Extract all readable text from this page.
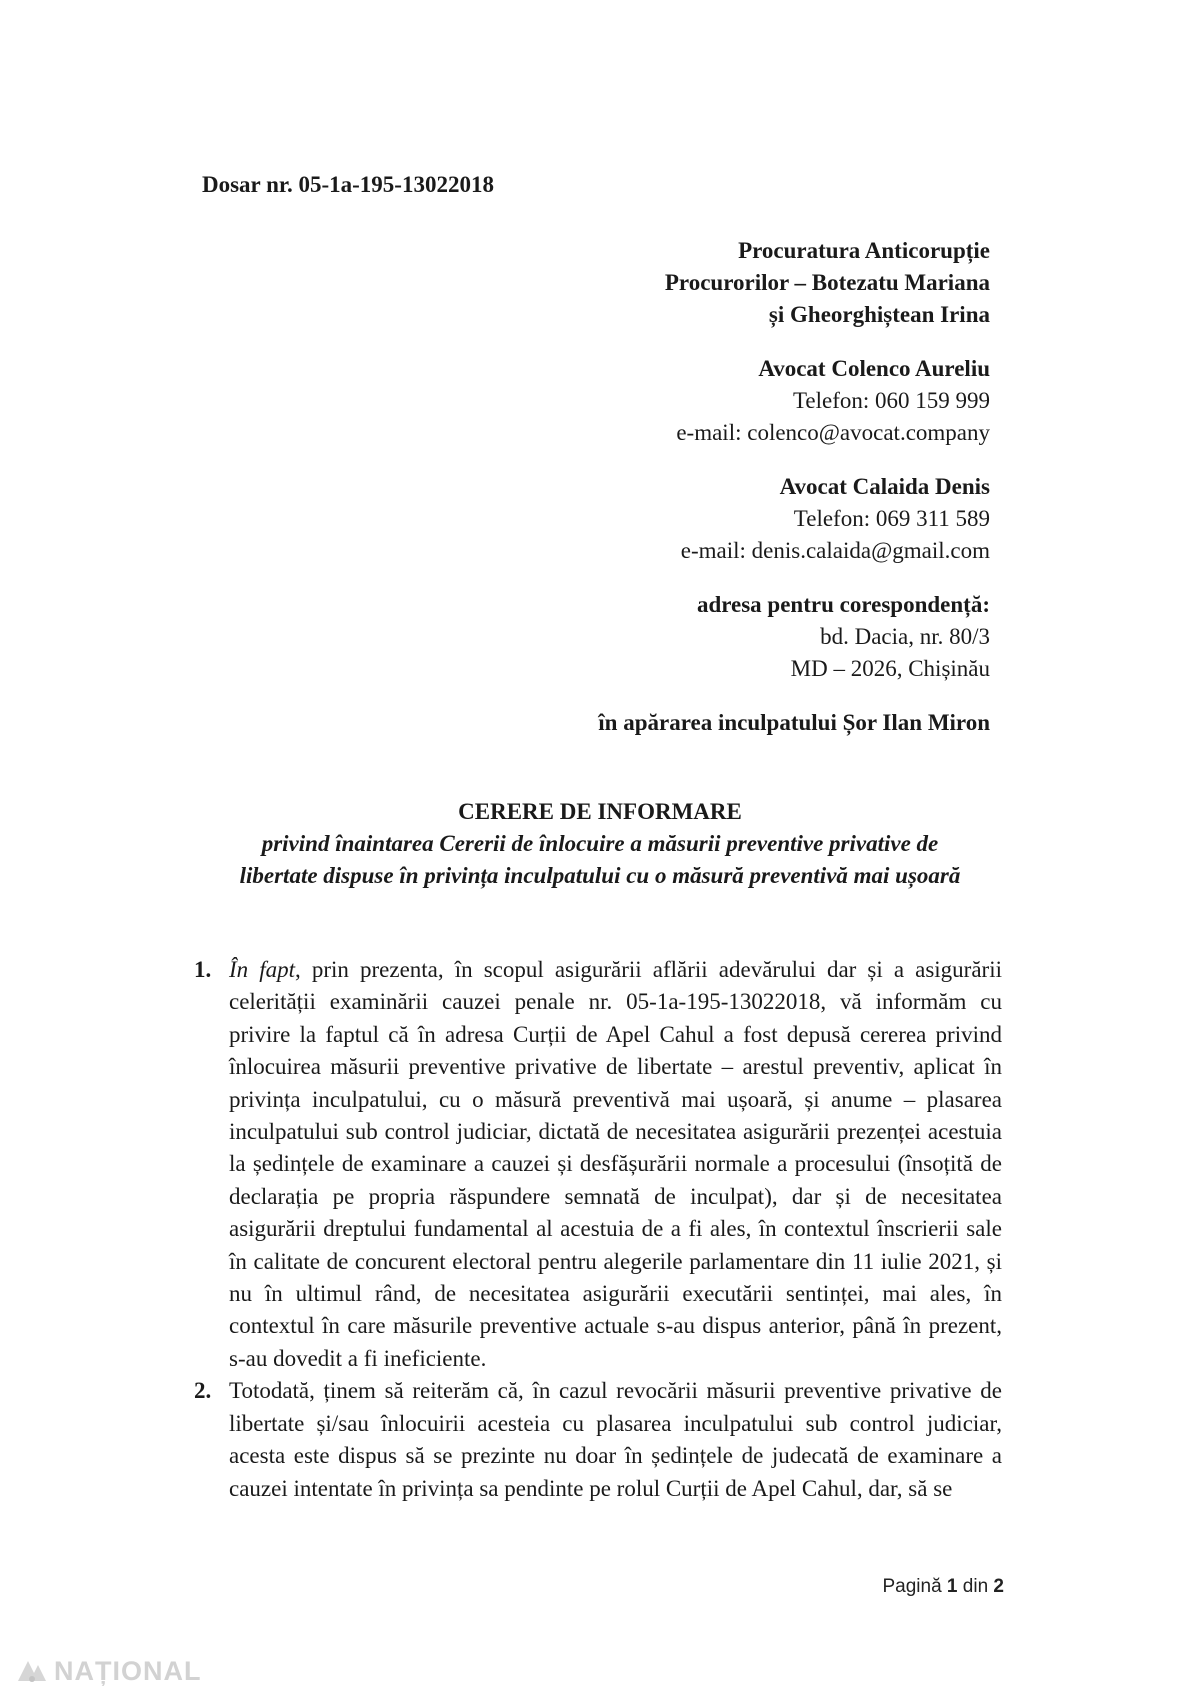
Dosar nr. 05-1a-195-13022018
Procuratura Anticorupție
Procurorilor – Botezatu Mariana
și Gheorghiștean Irina
Avocat Colenco Aureliu
Telefon: 060 159 999
e-mail: colenco@avocat.company
Avocat Calaida Denis
Telefon: 069 311 589
e-mail: denis.calaida@gmail.com
adresa pentru corespondență:
bd. Dacia, nr. 80/3
MD – 2026, Chișinău
în apărarea inculpatului Șor Ilan Miron
CERERE DE INFORMARE
privind înaintarea Cererii de înlocuire a măsurii preventive privative de
libertate dispuse în privința inculpatului cu o măsură preventivă mai ușoară
1. În fapt, prin prezenta, în scopul asigurării aflării adevărului dar și a asigurării celerității examinării cauzei penale nr. 05-1a-195-13022018, vă informăm cu privire la faptul că în adresa Curții de Apel Cahul a fost depusă cererea privind înlocuirea măsurii preventive privative de libertate – arestul preventiv, aplicat în privința inculpatului, cu o măsură preventivă mai ușoară, și anume – plasarea inculpatului sub control judiciar, dictată de necesitatea asigurării prezenței acestuia la ședințele de examinare a cauzei și desfășurării normale a procesului (însoțită de declarația pe propria răspundere semnată de inculpat), dar și de necesitatea asigurării dreptului fundamental al acestuia de a fi ales, în contextul înscrierii sale în calitate de concurent electoral pentru alegerile parlamentare din 11 iulie 2021, și nu în ultimul rând, de necesitatea asigurării executării sentinței, mai ales, în contextul în care măsurile preventive actuale s-au dispus anterior, până în prezent, s-au dovedit a fi ineficiente.
2. Totodată, ținem să reiterăm că, în cazul revocării măsurii preventive privative de libertate și/sau înlocuirii acesteia cu plasarea inculpatului sub control judiciar, acesta este dispus să se prezinte nu doar în ședințele de judecată de examinare a cauzei intentate în privința sa pendinte pe rolul Curții de Apel Cahul, dar, să se
Pagină 1 din 2
NAȚIONAL
